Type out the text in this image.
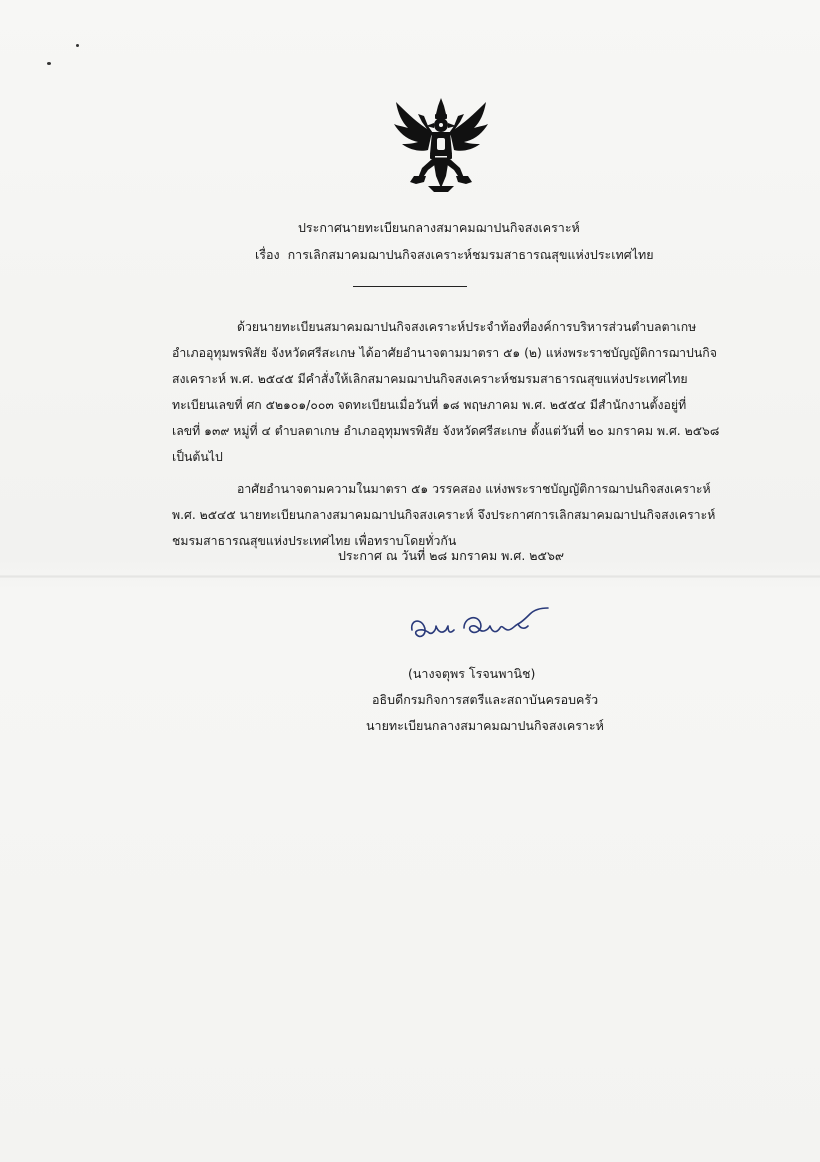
ประกาศนายทะเบียนกลางสมาคมฌาปนกิจสงเคราะห์
เรื่อง การเลิกสมาคมฌาปนกิจสงเคราะห์ชมรมสาธารณสุขแห่งประเทศไทย
ด้วยนายทะเบียนสมาคมฌาปนกิจสงเคราะห์ประจำท้องที่องค์การบริหารส่วนตำบลตาเกษ
อำเภออุทุมพรพิสัย จังหวัดศรีสะเกษ ได้อาศัยอำนาจตามมาตรา ๕๑ (๒) แห่งพระราชบัญญัติการฌาปนกิจ
สงเคราะห์ พ.ศ. ๒๕๔๕ มีคำสั่งให้เลิกสมาคมฌาปนกิจสงเคราะห์ชมรมสาธารณสุขแห่งประเทศไทย
ทะเบียนเลขที่ ศก ๕๒๑๐๑/๐๐๓ จดทะเบียนเมื่อวันที่ ๑๘ พฤษภาคม พ.ศ. ๒๕๕๔ มีสำนักงานตั้งอยู่ที่
เลขที่ ๑๓๙ หมู่ที่ ๔ ตำบลตาเกษ อำเภออุทุมพรพิสัย จังหวัดศรีสะเกษ ตั้งแต่วันที่ ๒๐ มกราคม พ.ศ. ๒๕๖๘
เป็นต้นไป
อาศัยอำนาจตามความในมาตรา ๕๑ วรรคสอง แห่งพระราชบัญญัติการฌาปนกิจสงเคราะห์
พ.ศ. ๒๕๔๕ นายทะเบียนกลางสมาคมฌาปนกิจสงเคราะห์ จึงประกาศการเลิกสมาคมฌาปนกิจสงเคราะห์
ชมรมสาธารณสุขแห่งประเทศไทย เพื่อทราบโดยทั่วกัน
ประกาศ ณ วันที่ ๒๘ มกราคม พ.ศ. ๒๕๖๙
(นางจตุพร โรจนพานิช)
อธิบดีกรมกิจการสตรีและสถาบันครอบครัว
นายทะเบียนกลางสมาคมฌาปนกิจสงเคราะห์
